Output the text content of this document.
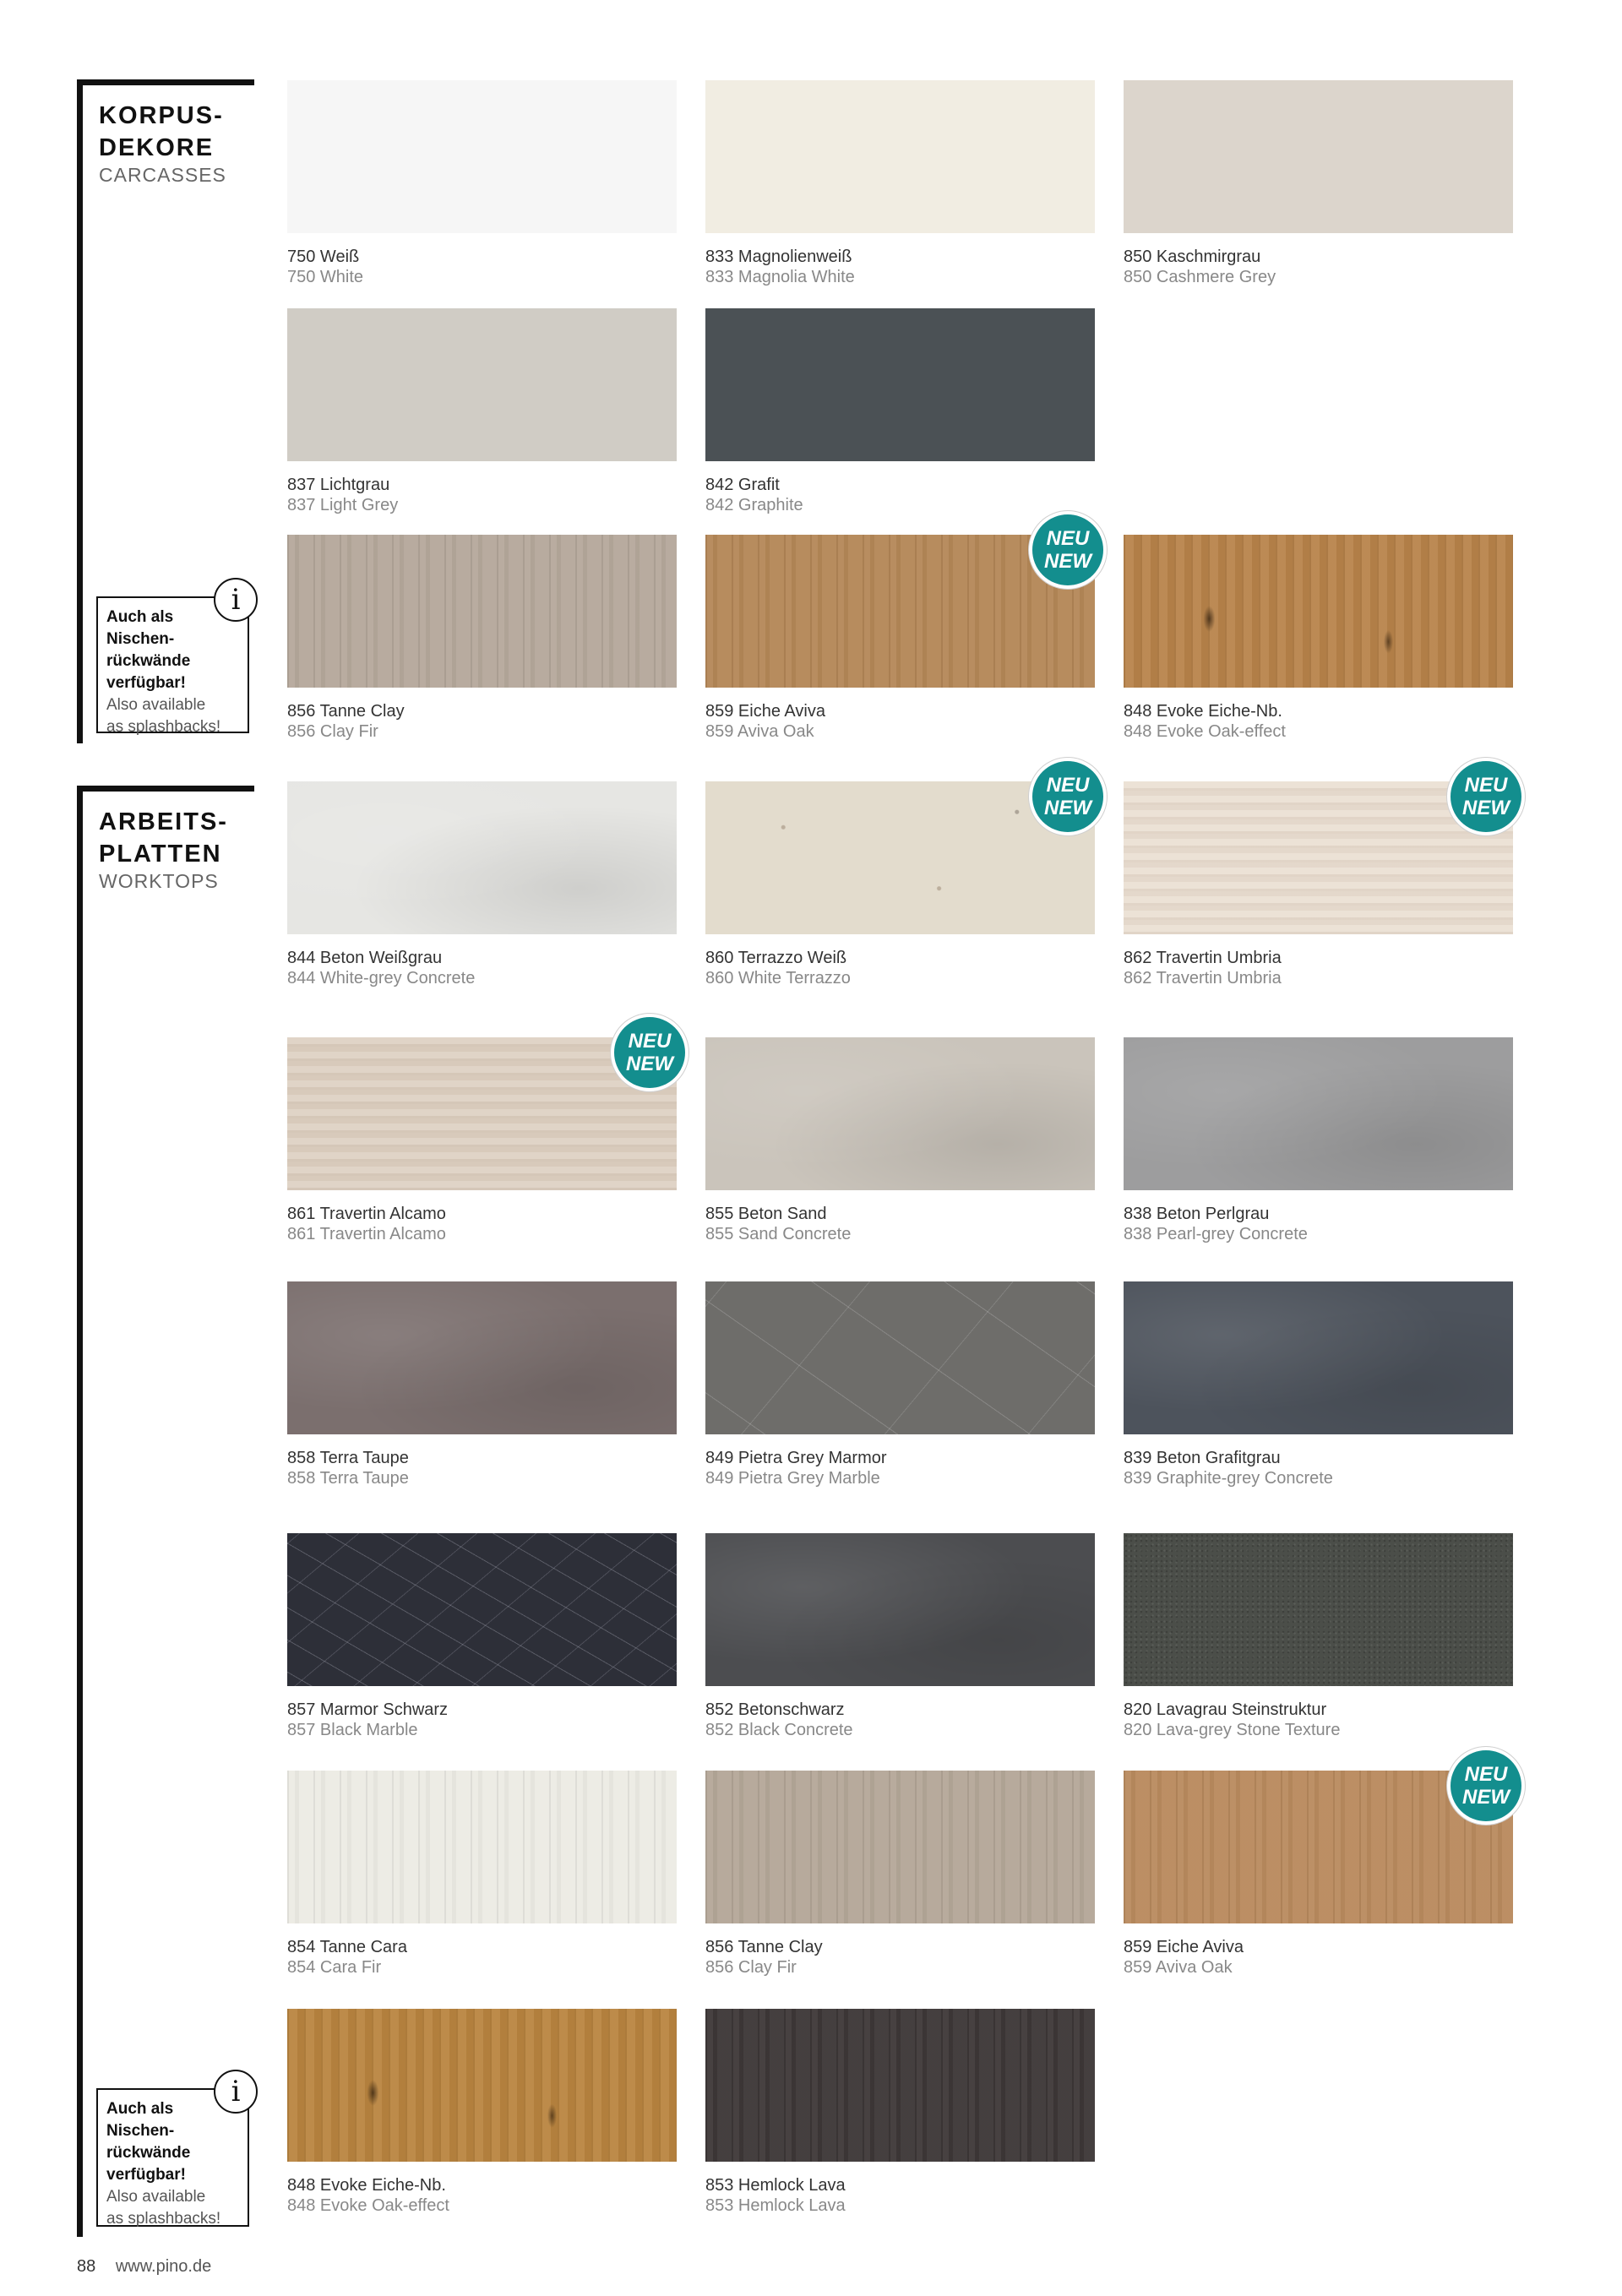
KORPUS-
DEKORE
CARCASSES
i
Auch als
Nischen-
rückwände
verfügbar!
Also available
as splashbacks!
ARBEITS-
PLATTEN
WORKTOPS
i
Auch als
Nischen-
rückwände
verfügbar!
Also available
as splashbacks!
750 Weiß
750 White
833 Magnolienweiß
833 Magnolia White
850 Kaschmirgrau
850 Cashmere Grey
837 Lichtgrau
837 Light Grey
842 Grafit
842 Graphite
856 Tanne Clay
856 Clay Fir
NEU
NEW
859 Eiche Aviva
859 Aviva Oak
848 Evoke Eiche-Nb.
848 Evoke Oak-effect
844 Beton Weißgrau
844 White-grey Concrete
NEU
NEW
860 Terrazzo Weiß
860 White Terrazzo
NEU
NEW
862 Travertin Umbria
862 Travertin Umbria
NEU
NEW
861 Travertin Alcamo
861 Travertin Alcamo
855 Beton Sand
855 Sand Concrete
838 Beton Perlgrau
838 Pearl-grey Concrete
858 Terra Taupe
858 Terra Taupe
849 Pietra Grey Marmor
849 Pietra Grey Marble
839 Beton Grafitgrau
839 Graphite-grey Concrete
857 Marmor Schwarz
857 Black Marble
852 Betonschwarz
852 Black Concrete
820 Lavagrau Steinstruktur
820 Lava-grey Stone Texture
854 Tanne Cara
854 Cara Fir
856 Tanne Clay
856 Clay Fir
NEU
NEW
859 Eiche Aviva
859 Aviva Oak
848 Evoke Eiche-Nb.
848 Evoke Oak-effect
853 Hemlock Lava
853 Hemlock Lava
88 www.pino.de
